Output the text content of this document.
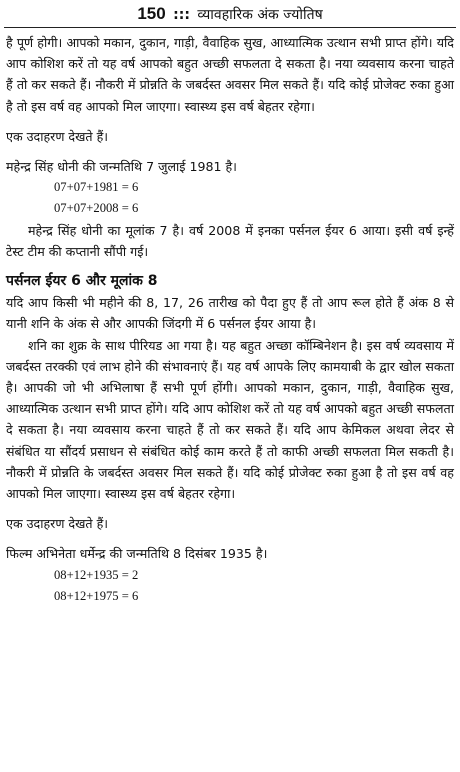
150 ::: व्यावहारिक अंक ज्योतिष

है पूर्ण होगी। आपको मकान, दुकान, गाड़ी, वैवाहिक सुख, आध्यात्मिक उत्थान सभी प्राप्त होंगे। यदि आप कोशिश करें तो यह वर्ष आपको बहुत अच्छी सफलता दे सकता है। नया व्यवसाय करना चाहते हैं तो कर सकते हैं। नौकरी में प्रोन्नति के जबर्दस्त अवसर मिल सकते हैं। यदि कोई प्रोजेक्ट रुका हुआ है तो इस वर्ष वह आपको मिल जाएगा। स्वास्थ्य इस वर्ष बेहतर रहेगा।

एक उदाहरण देखते हैं।

महेन्द्र सिंह धोनी की जन्मतिथि 7 जुलाई 1981 है।

07+07+1981 = 6

07+07+2008 = 6

महेन्द्र सिंह धोनी का मूलांक 7 है। वर्ष 2008 में इनका पर्सनल ईयर 6 आया। इसी वर्ष इन्हें टेस्ट टीम की कप्तानी सौंपी गई।

पर्सनल ईयर 6 और मूलांक 8

यदि आप किसी भी महीने की 8, 17, 26 तारीख को पैदा हुए हैं तो आप रूल होते हैं अंक 8 से यानी शनि के अंक से और आपकी जिंदगी में 6 पर्सनल ईयर आया है।

शनि का शुक्र के साथ पीरियड आ गया है। यह बहुत अच्छा कॉम्बिनेशन है। इस वर्ष व्यवसाय में जबर्दस्त तरक्की एवं लाभ होने की संभावनाएं हैं। यह वर्ष आपके लिए कामयाबी के द्वार खोल सकता है। आपकी जो भी अभिलाषा हैं सभी पूर्ण होंगी। आपको मकान, दुकान, गाड़ी, वैवाहिक सुख, आध्यात्मिक उत्थान सभी प्राप्त होंगे। यदि आप कोशिश करें तो यह वर्ष आपको बहुत अच्छी सफलता दे सकता है। नया व्यवसाय करना चाहते हैं तो कर सकते हैं। यदि आप केमिकल अथवा लेदर से संबंधित या सौंदर्य प्रसाधन से संबंधित कोई काम करते हैं तो काफी अच्छी सफलता मिल सकती है। नौकरी में प्रोन्नति के जबर्दस्त अवसर मिल सकते हैं। यदि कोई प्रोजेक्ट रुका हुआ है तो इस वर्ष वह आपको मिल जाएगा। स्वास्थ्य इस वर्ष बेहतर रहेगा।

एक उदाहरण देखते हैं।

फिल्म अभिनेता धर्मेन्द्र की जन्मतिथि 8 दिसंबर 1935 है।

08+12+1935 = 2

08+12+1975 = 6
